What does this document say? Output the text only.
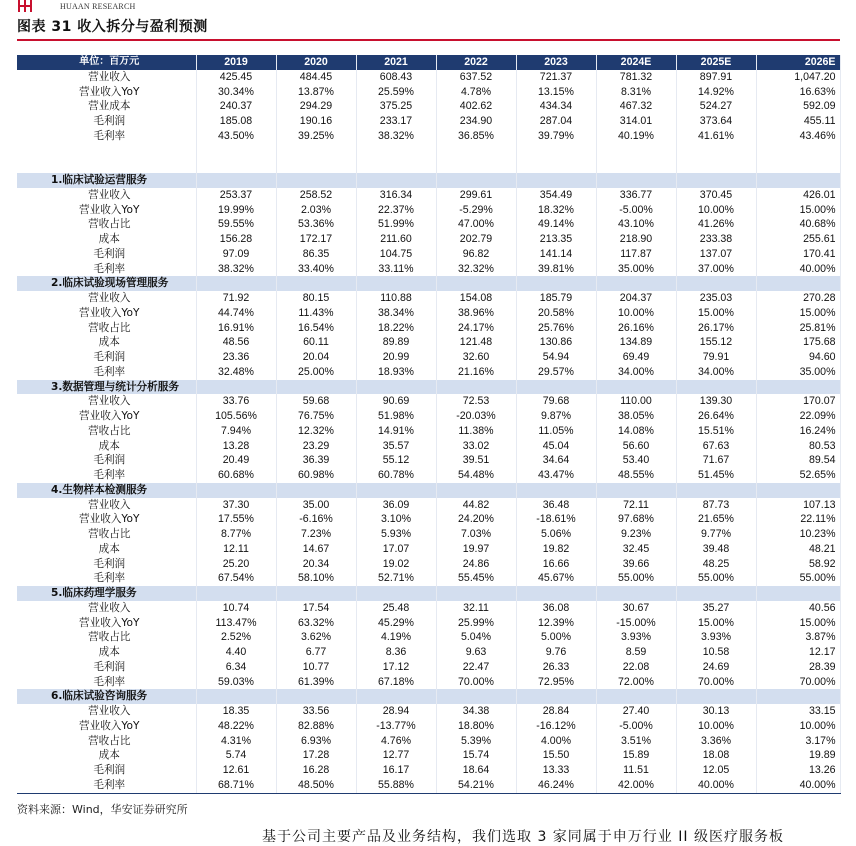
HUAAN RESEARCH
图表 31 收入拆分与盈利预测
单位：百万元	2019	2020	2021	2022	2023	2024E	2025E	2026E
营业收入	425.45	484.45	608.43	637.52	721.37	781.32	897.91	1,047.20
营业收入YoY	30.34%	13.87%	25.59%	4.78%	13.15%	8.31%	14.92%	16.63%
营业成本	240.37	294.29	375.25	402.62	434.34	467.32	524.27	592.09
毛利润	185.08	190.16	233.17	234.90	287.04	314.01	373.64	455.11
毛利率	43.50%	39.25%	38.32%	36.85%	39.79%	40.19%	41.61%	43.46%

1.临床试验运营服务								
营业收入	253.37	258.52	316.34	299.61	354.49	336.77	370.45	426.01
营业收入YoY	19.99%	2.03%	22.37%	-5.29%	18.32%	-5.00%	10.00%	15.00%
营收占比	59.55%	53.36%	51.99%	47.00%	49.14%	43.10%	41.26%	40.68%
成本	156.28	172.17	211.60	202.79	213.35	218.90	233.38	255.61
毛利润	97.09	86.35	104.75	96.82	141.14	117.87	137.07	170.41
毛利率	38.32%	33.40%	33.11%	32.32%	39.81%	35.00%	37.00%	40.00%
2.临床试验现场管理服务								
营业收入	71.92	80.15	110.88	154.08	185.79	204.37	235.03	270.28
营业收入YoY	44.74%	11.43%	38.34%	38.96%	20.58%	10.00%	15.00%	15.00%
营收占比	16.91%	16.54%	18.22%	24.17%	25.76%	26.16%	26.17%	25.81%
成本	48.56	60.11	89.89	121.48	130.86	134.89	155.12	175.68
毛利润	23.36	20.04	20.99	32.60	54.94	69.49	79.91	94.60
毛利率	32.48%	25.00%	18.93%	21.16%	29.57%	34.00%	34.00%	35.00%
3.数据管理与统计分析服务								
营业收入	33.76	59.68	90.69	72.53	79.68	110.00	139.30	170.07
营业收入YoY	105.56%	76.75%	51.98%	-20.03%	9.87%	38.05%	26.64%	22.09%
营收占比	7.94%	12.32%	14.91%	11.38%	11.05%	14.08%	15.51%	16.24%
成本	13.28	23.29	35.57	33.02	45.04	56.60	67.63	80.53
毛利润	20.49	36.39	55.12	39.51	34.64	53.40	71.67	89.54
毛利率	60.68%	60.98%	60.78%	54.48%	43.47%	48.55%	51.45%	52.65%
4.生物样本检测服务								
营业收入	37.30	35.00	36.09	44.82	36.48	72.11	87.73	107.13
营业收入YoY	17.55%	-6.16%	3.10%	24.20%	-18.61%	97.68%	21.65%	22.11%
营收占比	8.77%	7.23%	5.93%	7.03%	5.06%	9.23%	9.77%	10.23%
成本	12.11	14.67	17.07	19.97	19.82	32.45	39.48	48.21
毛利润	25.20	20.34	19.02	24.86	16.66	39.66	48.25	58.92
毛利率	67.54%	58.10%	52.71%	55.45%	45.67%	55.00%	55.00%	55.00%
5.临床药理学服务								
营业收入	10.74	17.54	25.48	32.11	36.08	30.67	35.27	40.56
营业收入YoY	113.47%	63.32%	45.29%	25.99%	12.39%	-15.00%	15.00%	15.00%
营收占比	2.52%	3.62%	4.19%	5.04%	5.00%	3.93%	3.93%	3.87%
成本	4.40	6.77	8.36	9.63	9.76	8.59	10.58	12.17
毛利润	6.34	10.77	17.12	22.47	26.33	22.08	24.69	28.39
毛利率	59.03%	61.39%	67.18%	70.00%	72.95%	72.00%	70.00%	70.00%
6.临床试验咨询服务								
营业收入	18.35	33.56	28.94	34.38	28.84	27.40	30.13	33.15
营业收入YoY	48.22%	82.88%	-13.77%	18.80%	-16.12%	-5.00%	10.00%	10.00%
营收占比	4.31%	6.93%	4.76%	5.39%	4.00%	3.51%	3.36%	3.17%
成本	5.74	17.28	12.77	15.74	15.50	15.89	18.08	19.89
毛利润	12.61	16.28	16.17	18.64	13.33	11.51	12.05	13.26
毛利率	68.71%	48.50%	55.88%	54.21%	46.24%	42.00%	40.00%	40.00%
资料来源：Wind，华安证券研究所
基于公司主要产品及业务结构，我们选取 3 家同属于申万行业 II 级医疗服务板
